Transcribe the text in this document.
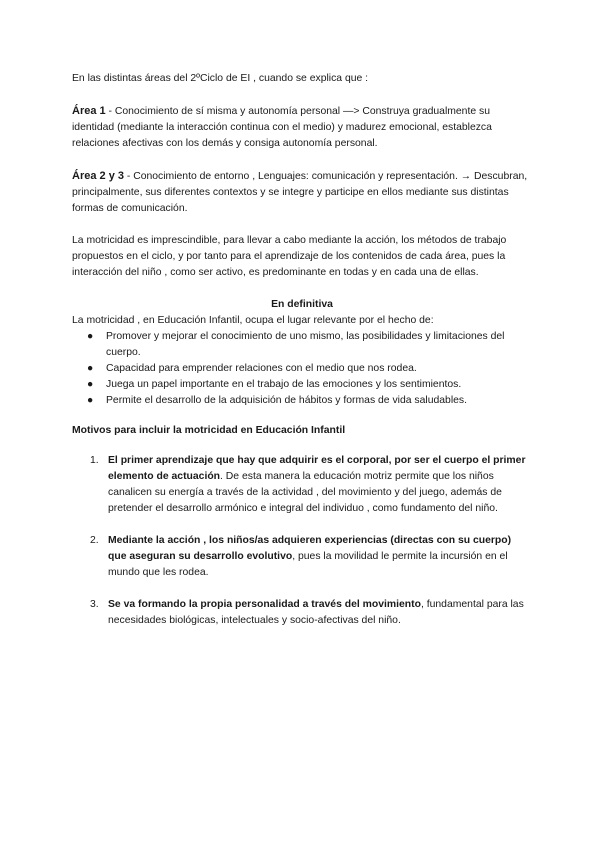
En las distintas áreas del 2ºCiclo de EI , cuando se explica que :

Área 1 - Conocimiento de sí misma y autonomía personal —> Construya gradualmente su identidad (mediante la interacción continua con el medio) y madurez emocional, establezca relaciones afectivas con los demás y consiga autonomía personal.

Área 2 y 3 - Conocimiento de entorno , Lenguajes: comunicación y representación. → Descubran, principalmente, sus diferentes contextos y se integre y participe en ellos mediante sus distintas formas de comunicación.

La motricidad es imprescindible, para llevar a cabo mediante la acción, los métodos de trabajo propuestos en el ciclo, y por tanto para el aprendizaje de los contenidos de cada área, pues la interacción del niño , como ser activo, es predominante en todas y en cada una de ellas.

En definitiva

La motricidad , en Educación Infantil, ocupa el lugar relevante por el hecho de:

● Promover y mejorar el conocimiento de uno mismo, las posibilidades y limitaciones del cuerpo.
● Capacidad para emprender relaciones con el medio que nos rodea.
● Juega un papel importante en el trabajo de las emociones y los sentimientos.
● Permite el desarrollo de la adquisición de hábitos y formas de vida saludables.

Motivos para incluir la motricidad en Educación Infantil

1. El primer aprendizaje que hay que adquirir es el corporal, por ser el cuerpo el primer elemento de actuación. De esta manera la educación motriz permite que los niños canalicen su energía a través de la actividad , del movimiento y del juego, además de pretender el desarrollo armónico e integral del individuo , como fundamento del niño.
2. Mediante la acción , los niños/as adquieren experiencias (directas con su cuerpo) que aseguran su desarrollo evolutivo, pues la movilidad le permite la incursión en el mundo que les rodea.
3. Se va formando la propia personalidad a través del movimiento, fundamental para las necesidades biológicas, intelectuales y socio-afectivas del niño.
